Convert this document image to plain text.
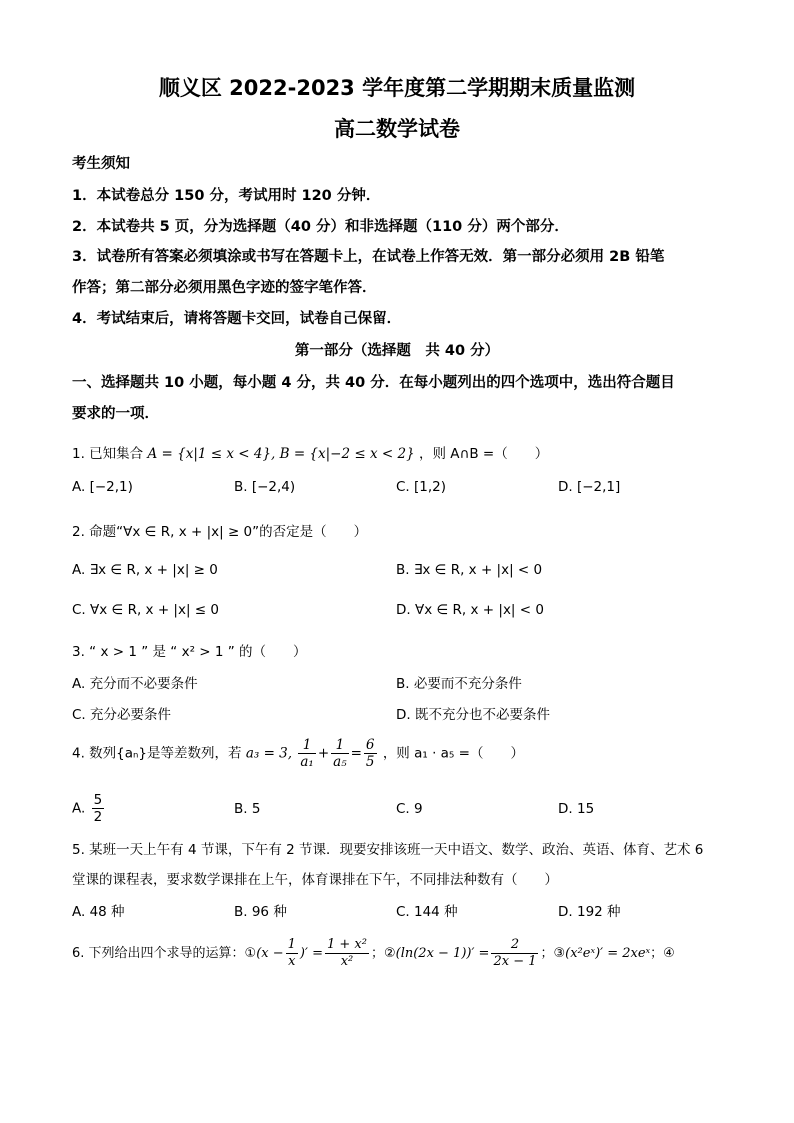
顺义区 2022-2023 学年度第二学期期末质量监测
高二数学试卷
考生须知
1．本试卷总分 150 分，考试用时 120 分钟．
2．本试卷共 5 页，分为选择题（40 分）和非选择题（110 分）两个部分．
3．试卷所有答案必须填涂或书写在答题卡上，在试卷上作答无效．第一部分必须用 2B 铅笔
作答；第二部分必须用黑色字迹的签字笔作答．
4．考试结束后，请将答题卡交回，试卷自己保留．
第一部分（选择题　共 40 分）
一、选择题共 10 小题，每小题 4 分，共 40 分．在每小题列出的四个选项中，选出符合题目
要求的一项．
1. 已知集合 A = {x|1 ≤ x < 4}, B = {x|−2 ≤ x < 2} ，则 A∩B =（　　）
A. [−2,1)	B. [−2,4)	C. [1,2)	D. [−2,1]
2. 命题“∀x ∈ R, x + |x| ≥ 0”的否定是（　　）
A. ∃x ∈ R, x + |x| ≥ 0	B. ∃x ∈ R, x + |x| < 0
C. ∀x ∈ R, x + |x| ≤ 0	D. ∀x ∈ R, x + |x| < 0
3. “ x > 1 ” 是 “ x² > 1 ” 的（　　）
A. 充分而不必要条件	B. 必要而不充分条件
C. 充分必要条件	D. 既不充分也不必要条件
4. 数列{aₙ}是等差数列，若 a₃ = 3, $\frac{1}{\text{a₁}} + \frac{1}{\text{a₅}} = \frac{6}{5}$ ，则 a₁ · a₅ =（　　）
A. $\frac{5}{2}$	B. 5	C. 9	D. 15
5. 某班一天上午有 4 节课，下午有 2 节课．现要安排该班一天中语文、数学、政治、英语、体育、艺术 6
堂课的课程表，要求数学课排在上午，体育课排在下午，不同排法种数有（　　）
A. 48 种	B. 96 种	C. 144 种	D. 192 种
6. 下列给出四个求导的运算：①(x − $\frac{1}{x}$ )′ = $\frac{\text{1 + x²}}{\text{x²}}$ ；②(ln(2x − $1))' = \frac{2}{2x - 1}$ ；③(x²eˣ)′ = 2xeˣ；④
